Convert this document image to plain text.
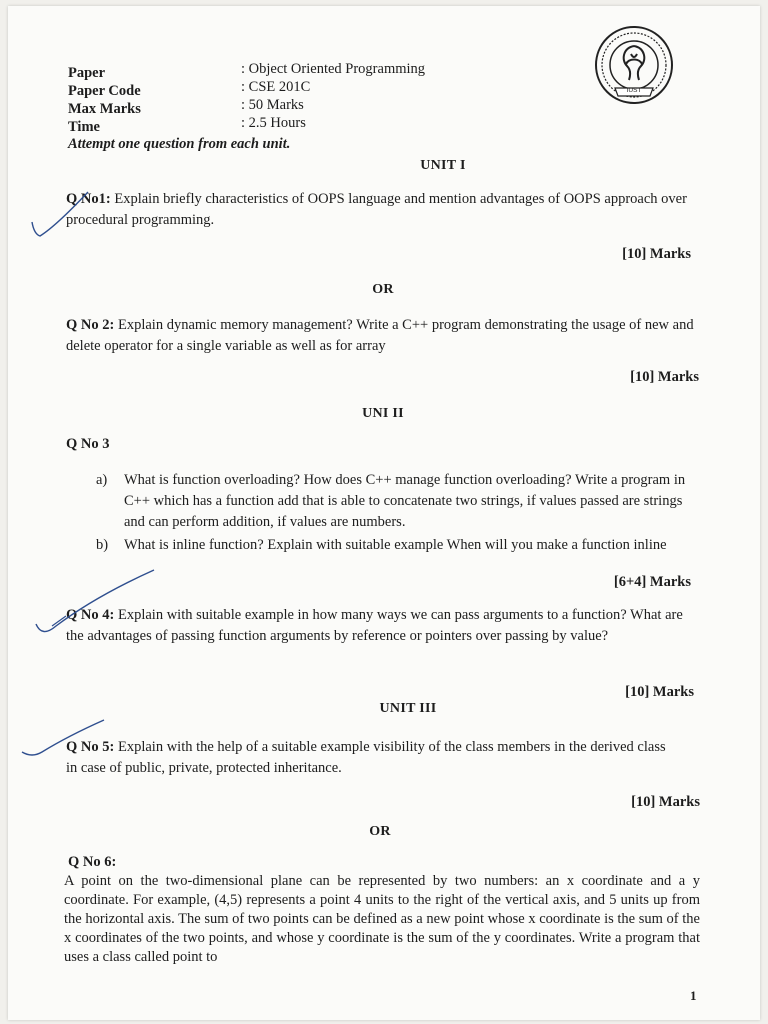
Paper	: Object Oriented Programming
Paper Code	: CSE 201C
Max Marks	: 50 Marks
Time	: 2.5 Hours
Attempt one question from each unit.
IUST
UNIT I
Q No1: Explain briefly characteristics of OOPS language and mention advantages of OOPS approach over procedural programming.
[10] Marks
OR
Q No 2: Explain dynamic memory management? Write a C++ program demonstrating the usage of new and delete operator for a single variable as well as for array
[10] Marks
UNI II
Q No 3
a) What is function overloading? How does C++ manage function overloading? Write a program in C++ which has a function add that is able to concatenate two strings, if values passed are strings and can perform addition, if values are numbers.
b) What is inline function? Explain with suitable example When will you make a function inline
[6+4] Marks
Q No 4: Explain with suitable example in how many ways we can pass arguments to a function? What are the advantages of passing function arguments by reference or pointers over passing by value?
[10] Marks
UNIT III
Q No 5: Explain with the help of a suitable example visibility of the class members in the derived class in case of public, private, protected inheritance.
[10] Marks
OR
Q No 6:
A point on the two-dimensional plane can be represented by two numbers: an x coordinate and a y coordinate. For example, (4,5) represents a point 4 units to the right of the vertical axis, and 5 units up from the horizontal axis. The sum of two points can be defined as a new point whose x coordinate is the sum of the x coordinates of the two points, and whose y coordinate is the sum of the y coordinates. Write a program that uses a class called point to
1
